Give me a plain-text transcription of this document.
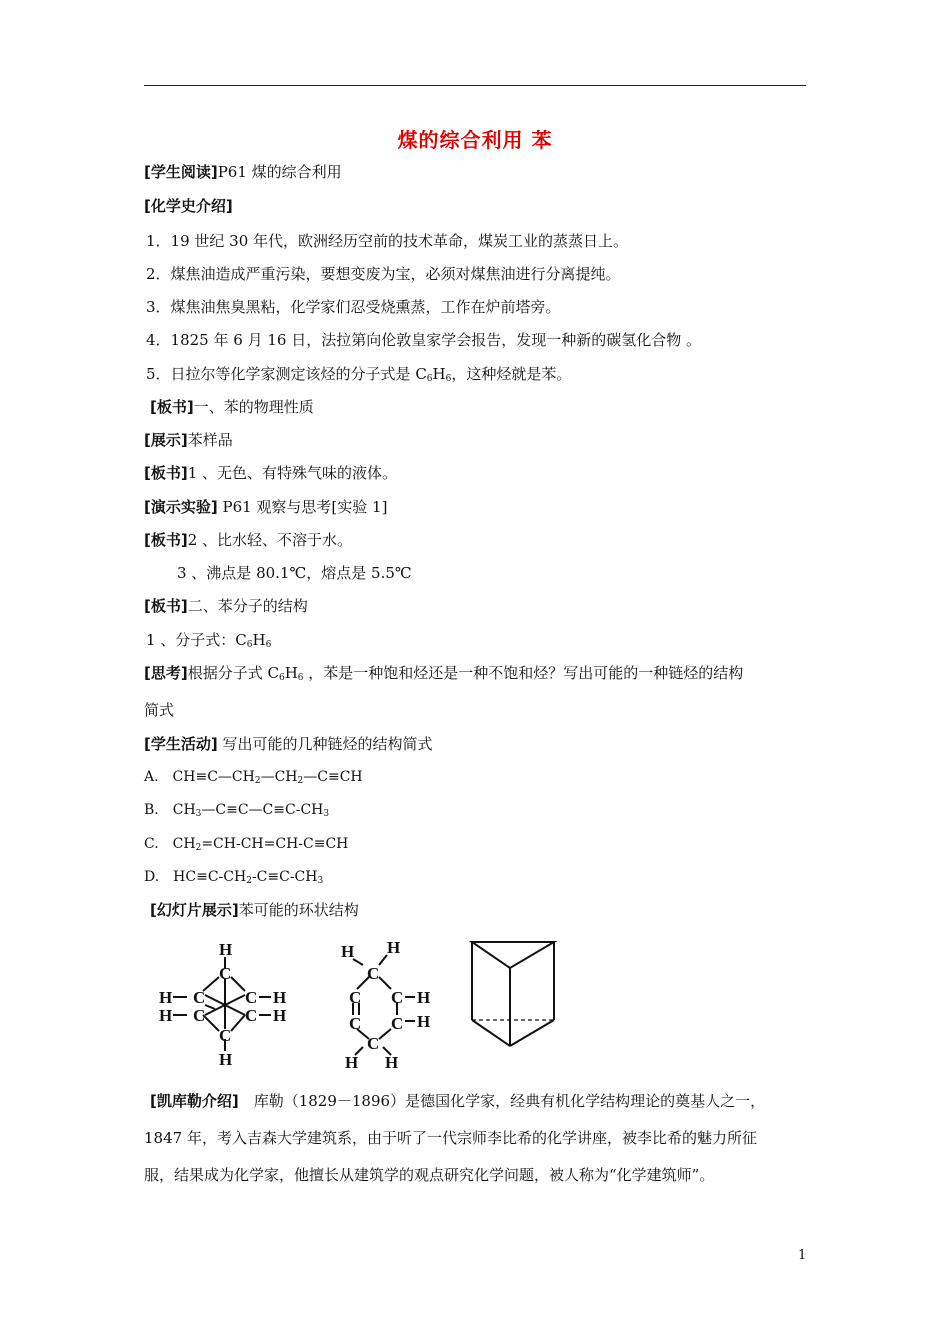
煤的综合利用 苯
[学生阅读]P61 煤的综合利用
[化学史介绍]
1．19 世纪 30 年代，欧洲经历空前的技术革命，煤炭工业的蒸蒸日上。
2．煤焦油造成严重污染，要想变废为宝，必须对煤焦油进行分离提纯。
3．煤焦油焦臭黑粘，化学家们忍受烧熏蒸，工作在炉前塔旁。
4．1825 年 6 月 16 日，法拉第向伦敦皇家学会报告，发现一种新的碳氢化合物 。
5．日拉尔等化学家测定该烃的分子式是 $C_6H_6$，这种烃就是苯。
[板书]一、苯的物理性质
[展示]苯样品
[板书]1 、无色、有特殊气味的液体。
[演示实验] P61 观察与思考[实验 1]
[板书]2 、比水轻、不溶于水。
3 、沸点是 80.1℃，熔点是 5.5℃
[板书]二、苯分子的结构
1 、分子式：$C_6H_6$
[思考]根据分子式 $C_6H_6$ ，苯是一种饱和烃还是一种不饱和烃？写出可能的一种链烃的结构
简式
[学生活动] 写出可能的几种链烃的结构简式
A.　$CH\equiv C—CH_2—CH_2—C\equiv CH$
B.　$CH_3—C\equiv C—C\equiv C-CH_3$
C.　$CH_2=CH-CH=CH-C\equiv CH$
D.　$HC\equiv C-CH_2-C\equiv C-CH_3$
[幻灯片展示]苯可能的环状结构
H
C
C
C
C
C
C
H
H
H
H
H
H H
C
C C
C C
C
H
H
H H
[凯库勒介绍]　库勒（1829－1896）是德国化学家，经典有机化学结构理论的奠基人之一，
1847 年，考入吉森大学建筑系，由于听了一代宗师李比希的化学讲座，被李比希的魅力所征
服，结果成为化学家，他擅长从建筑学的观点研究化学问题，被人称为“化学建筑师”。
1
